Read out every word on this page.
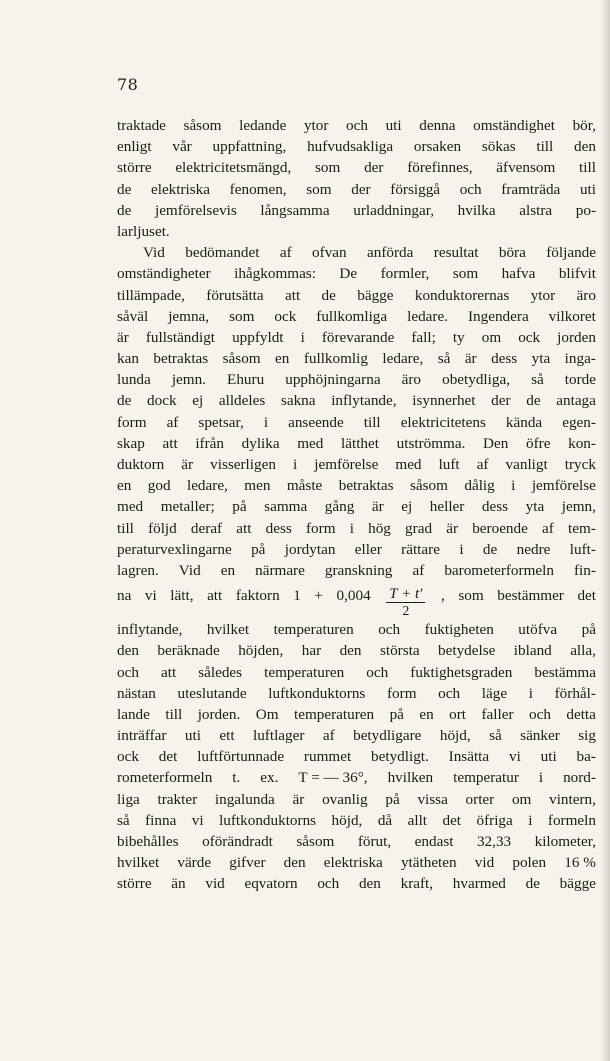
78
traktade såsom ledande ytor och uti denna omständighet bör,
enligt vår uppfattning, hufvudsakliga orsaken sökas till den
större elektricitetsmängd, som der förefinnes, äfvensom till
de elektriska fenomen, som der försiggå och framträda uti
de jemförelsevis långsamma urladdningar, hvilka alstra po-
larljuset.
Vid bedömandet af ofvan anförda resultat böra följande
omständigheter ihågkommas: De formler, som hafva blifvit
tillämpade, förutsätta att de bägge konduktorernas ytor äro
såväl jemna, som ock fullkomliga ledare. Ingendera vilkoret
är fullständigt uppfyldt i förevarande fall; ty om ock jorden
kan betraktas såsom en fullkomlig ledare, så är dess yta inga-
lunda jemn. Ehuru upphöjningarna äro obetydliga, så torde
de dock ej alldeles sakna inflytande, isynnerhet der de antaga
form af spetsar, i anseende till elektricitetens kända egen-
skap att ifrån dylika med lätthet utströmma. Den öfre kon-
duktorn är visserligen i jemförelse med luft af vanligt tryck
en god ledare, men måste betraktas såsom dålig i jemförelse
med metaller; på samma gång är ej heller dess yta jemn,
till följd deraf att dess form i hög grad är beroende af tem-
peraturvexlingarne på jordytan eller rättare i de nedre luft-
lagren. Vid en närmare granskning af barometerformeln fin-
na vi lätt, att faktorn $1 + 0,004 \frac{T + t'}{2}$ , som bestämmer det
inflytande, hvilket temperaturen och fuktigheten utöfva på
den beräknade höjden, har den största betydelse ibland alla,
och att således temperaturen och fuktighetsgraden bestämma
nästan uteslutande luftkonduktorns form och läge i förhål-
lande till jorden. Om temperaturen på en ort faller och detta
inträffar uti ett luftlager af betydligare höjd, så sänker sig
ock det luftförtunnade rummet betydligt. Insätta vi uti ba-
rometerformeln t. ex. T = — 36°, hvilken temperatur i nord-
liga trakter ingalunda är ovanlig på vissa orter om vintern,
så finna vi luftkonduktorns höjd, då allt det öfriga i formeln
bibehålles oförändradt såsom förut, endast 32,33 kilometer,
hvilket värde gifver den elektriska ytätheten vid polen 16 %
större än vid eqvatorn och den kraft, hvarmed de bägge
